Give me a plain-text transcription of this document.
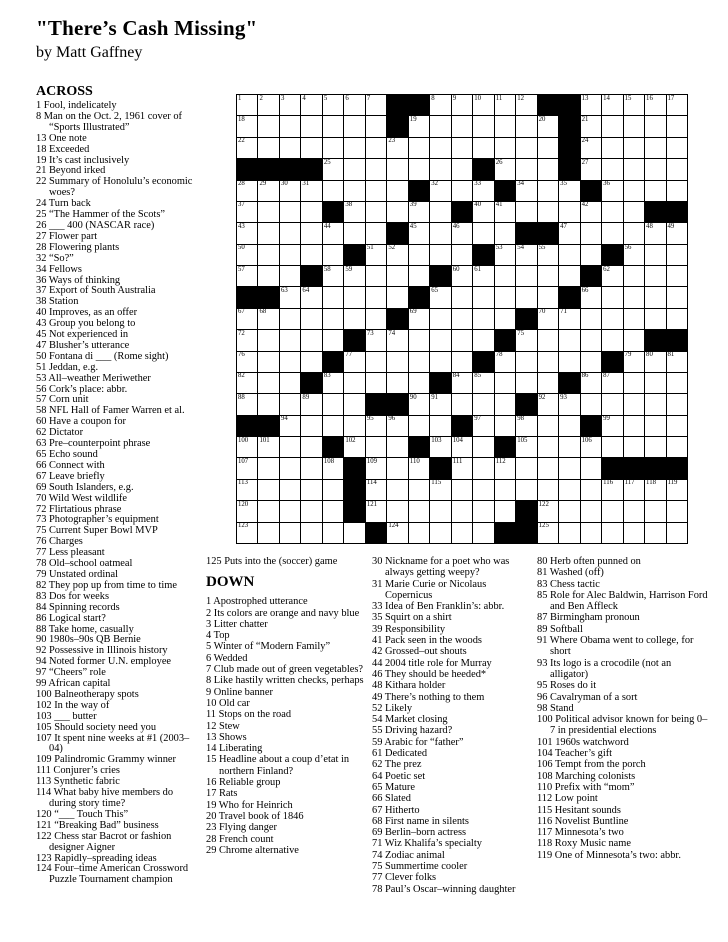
"There’s Cash Missing"
by Matt Gaffney
ACROSS
1 Fool, indelicately
8 Man on the Oct. 2, 1961 cover of “Sports Illustrated”
13 One note
18 Exceeded
19 It’s cast inclusively
21 Beyond irked
22 Summary of Honolulu’s economic woes?
24 Turn back
25 “The Hammer of the Scots”
26 ___ 400 (NASCAR race)
27 Flower part
28 Flowering plants
32 “So?”
34 Fellows
36 Ways of thinking
37 Export of South Australia
38 Station
40 Improves, as an offer
43 Group you belong to
45 Not experienced in
47 Blusher’s utterance
50 Fontana di ___ (Rome sight)
51 Jeddan, e.g.
53 All–weather Meriwether
56 Cork’s place: abbr.
57 Corn unit
58 NFL Hall of Famer Warren et al.
60 Have a coupon for
62 Dictator
63 Pre–counterpoint phrase
65 Echo sound
66 Connect with
67 Leave briefly
69 South Islanders, e.g.
70 Wild West wildlife
72 Flirtatious phrase
73 Photographer’s equipment
75 Current Super Bowl MVP
76 Charges
77 Less pleasant
78 Old–school oatmeal
79 Unstated ordinal
82 They pop up from time to time
83 Dos for weeks
84 Spinning records
86 Logical start?
88 Take home, casually
90 1980s–90s QB Bernie
92 Possessive in Illinois history
94 Noted former U.N. employee
97 “Cheers” role
99 African capital
100 Balneotherapy spots
102 In the way of
103 ___ butter
105 Should society need you
107 It spent nine weeks at #1 (2003–04)
109 Palindromic Grammy winner
111 Conjurer’s cries
113 Synthetic fabric
114 What baby hive members do during story time?
120 “___ Touch This”
121 “Breaking Bad” business
122 Chess star Bacrot or fashion designer Aigner
123 Rapidly–spreading ideas
124 Four–time American Crossword Puzzle Tournament champion
1	2	3	4	5	6	7	8	9	10 11 12	13 14 15 16 17
18	19	20	21
22	23	24
25	26	27
28 29 30 31	32	33	34	35	36
37	38	39	40 41	42
43	44	45	46	47	48 49
50	51 52	53 54 55	56
57	58 59	60 61	62
63 64	65	66
67 68	69	70 71
72	73 74	75
76	77	78	79 80 81
82	83	84 85	86 87
88	89	90 91	92 93
94	95 96	97	98	99
100 101	102	103 104	105	106
107	108	109	110	111	112
113	114	115	116 117 118 119
120	121	122
123	124	125
125 Puts into the (soccer) game
DOWN
1 Apostrophed utterance
2 Its colors are orange and navy blue
3 Litter chatter
4 Top
5 Winter of “Modern Family”
6 Wedded
7 Club made out of green vegetables?
8 Like hastily written checks, perhaps
9 Online banner
10 Old car
11 Stops on the road
12 Stew
13 Shows
14 Liberating
15 Headline about a coup d’etat in northern Finland?
16 Reliable group
17 Rats
19 Who for Heinrich
20 Travel book of 1846
23 Flying danger
28 French count
29 Chrome alternative
30 Nickname for a poet who was always getting weepy?
31 Marie Curie or Nicolaus Copernicus
33 Idea of Ben Franklin’s: abbr.
35 Squirt on a shirt
39 Responsibility
41 Pack seen in the woods
42 Grossed–out shouts
44 2004 title role for Murray
46 They should be heeded*
48 Kithara holder
49 There’s nothing to them
52 Likely
54 Market closing
55 Driving hazard?
59 Arabic for “father”
61 Dedicated
62 The prez
64 Poetic set
65 Mature
66 Slated
67 Hitherto
68 First name in silents
69 Berlin–born actress
71 Wiz Khalifa’s specialty
74 Zodiac animal
75 Summertime cooler
77 Clever folks
78 Paul’s Oscar–winning daughter
80 Herb often punned on
81 Washed (off)
83 Chess tactic
85 Role for Alec Baldwin, Harrison Ford and Ben Affleck
87 Birmingham pronoun
89 Softball
91 Where Obama went to college, for short
93 Its logo is a crocodile (not an alligator)
95 Roses do it
96 Cavalryman of a sort
98 Stand
100 Political advisor known for being 0–7 in presidential elections
101 1960s watchword
104 Teacher’s gift
106 Tempt from the porch
108 Marching colonists
110 Prefix with “mom”
112 Low point
115 Hesitant sounds
116 Novelist Buntline
117 Minnesota’s two
118 Roxy Music name
119 One of Minnesota’s two: abbr.
